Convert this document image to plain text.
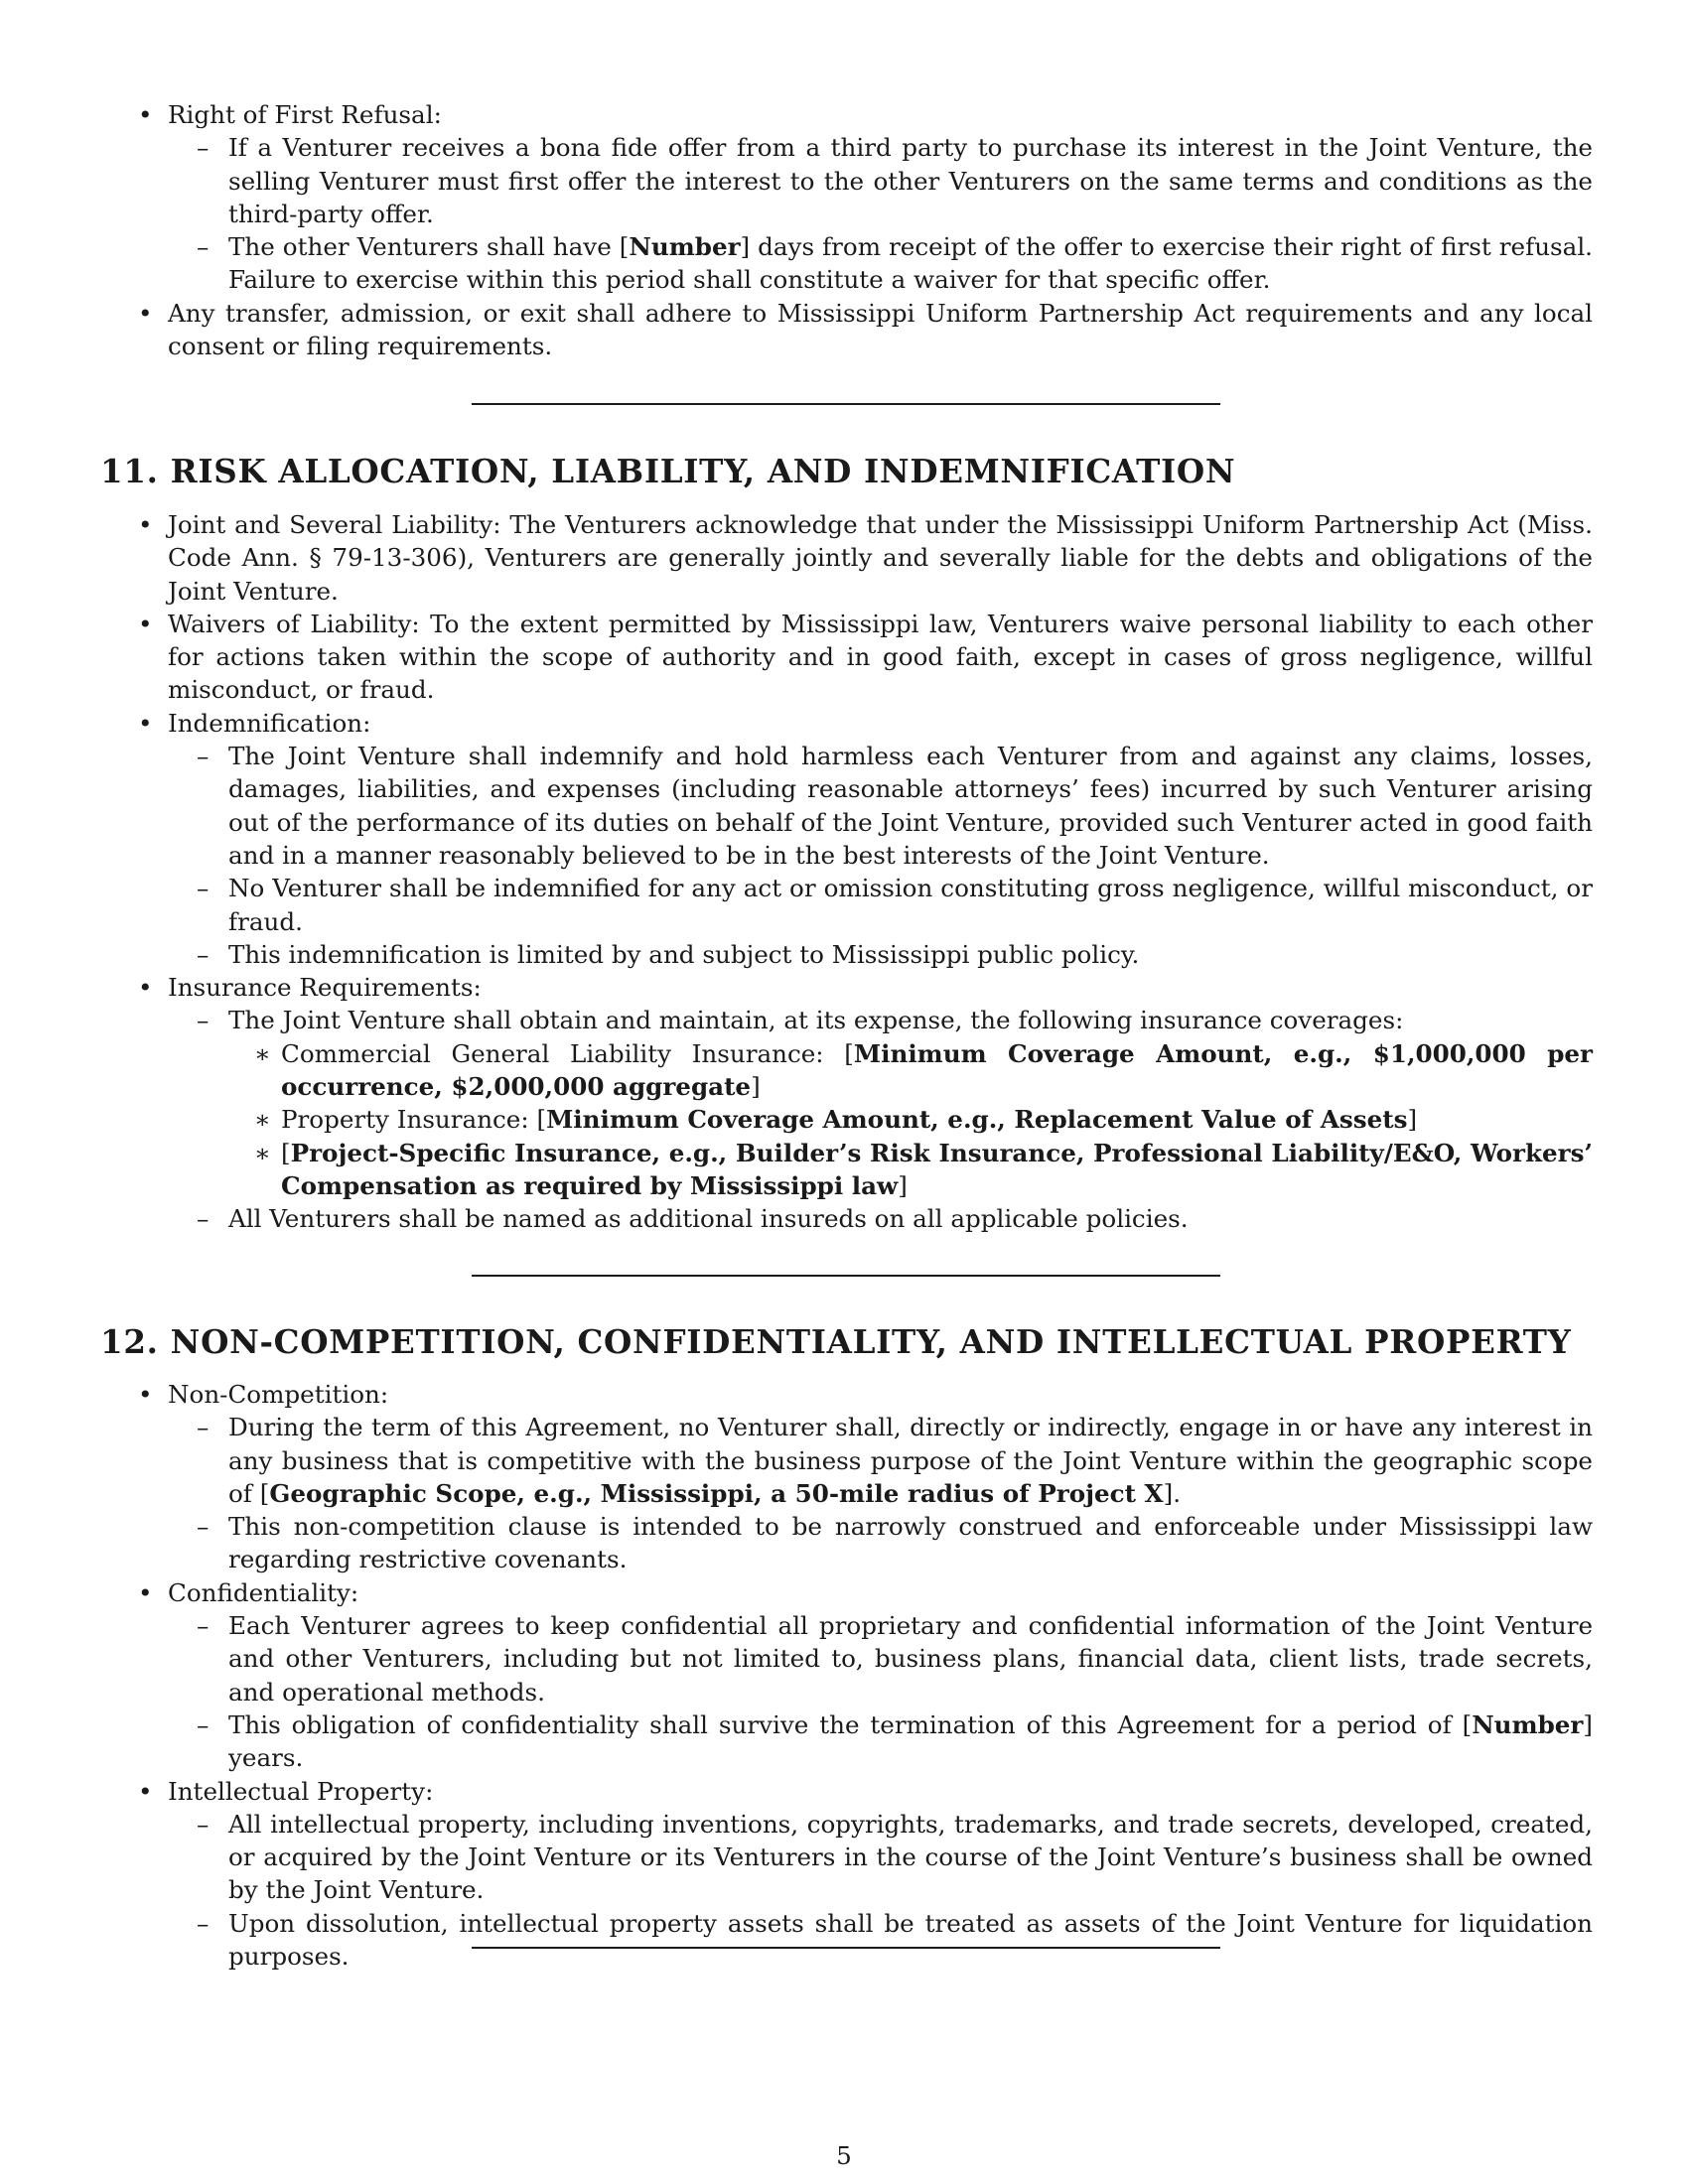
• Right of First Refusal:
– If a Venturer receives a bona fide offer from a third party to purchase its interest in the Joint Venture, the selling Venturer must first offer the interest to the other Venturers on the same terms and conditions as the third-party offer.
– The other Venturers shall have [Number] days from receipt of the offer to exercise their right of first refusal. Failure to exercise within this period shall constitute a waiver for that specific offer.
• Any transfer, admission, or exit shall adhere to Mississippi Uniform Partnership Act requirements and any local consent or filing requirements.
11. RISK ALLOCATION, LIABILITY, AND INDEMNIFICATION
• Joint and Several Liability: The Venturers acknowledge that under the Mississippi Uniform Partnership Act (Miss. Code Ann. § 79-13-306), Venturers are generally jointly and severally liable for the debts and obligations of the Joint Venture.
• Waivers of Liability: To the extent permitted by Mississippi law, Venturers waive personal liability to each other for actions taken within the scope of authority and in good faith, except in cases of gross negligence, willful misconduct, or fraud.
• Indemnification:
– The Joint Venture shall indemnify and hold harmless each Venturer from and against any claims, losses, damages, liabilities, and expenses (including reasonable attorneys’ fees) incurred by such Venturer arising out of the performance of its duties on behalf of the Joint Venture, provided such Venturer acted in good faith and in a manner reasonably believed to be in the best interests of the Joint Venture.
– No Venturer shall be indemnified for any act or omission constituting gross negligence, willful misconduct, or fraud.
– This indemnification is limited by and subject to Mississippi public policy.
• Insurance Requirements:
– The Joint Venture shall obtain and maintain, at its expense, the following insurance coverages:
∗ Commercial General Liability Insurance: [Minimum Coverage Amount, e.g., $1,000,000 per occurrence, $2,000,000 aggregate]
∗ Property Insurance: [Minimum Coverage Amount, e.g., Replacement Value of Assets]
∗ [Project-Specific Insurance, e.g., Builder’s Risk Insurance, Professional Liability/E&O, Workers’ Compensation as required by Mississippi law]
– All Venturers shall be named as additional insureds on all applicable policies.
12. NON-COMPETITION, CONFIDENTIALITY, AND INTELLECTUAL PROPERTY
• Non-Competition:
– During the term of this Agreement, no Venturer shall, directly or indirectly, engage in or have any interest in any business that is competitive with the business purpose of the Joint Venture within the geographic scope of [Geographic Scope, e.g., Mississippi, a 50-mile radius of Project X].
– This non-competition clause is intended to be narrowly construed and enforceable under Mississippi law regarding restrictive covenants.
• Confidentiality:
– Each Venturer agrees to keep confidential all proprietary and confidential information of the Joint Venture and other Venturers, including but not limited to, business plans, financial data, client lists, trade secrets, and operational methods.
– This obligation of confidentiality shall survive the termination of this Agreement for a period of [Number] years.
• Intellectual Property:
– All intellectual property, including inventions, copyrights, trademarks, and trade secrets, developed, created, or acquired by the Joint Venture or its Venturers in the course of the Joint Venture’s business shall be owned by the Joint Venture.
– Upon dissolution, intellectual property assets shall be treated as assets of the Joint Venture for liquidation purposes.
5
